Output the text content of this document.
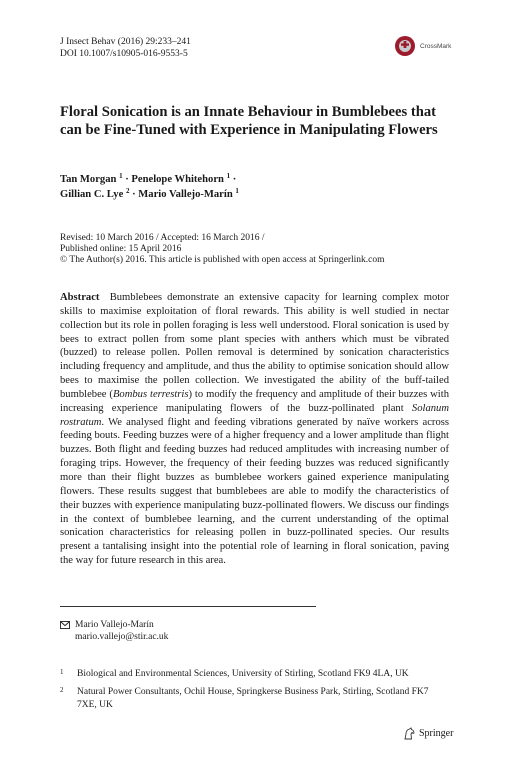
J Insect Behav (2016) 29:233–241
DOI 10.1007/s10905-016-9553-5
CrossMark
Floral Sonication is an Innate Behaviour in Bumblebees that can be Fine-Tuned with Experience in Manipulating Flowers
Tan Morgan $^1$ · Penelope Whitehorn $^1$ ·
Gillian C. Lye $^2$ · Mario Vallejo-Marín $^1$
Revised: 10 March 2016 / Accepted: 16 March 2016 /
Published online: 15 April 2016
© The Author(s) 2016. This article is published with open access at Springerlink.com
Abstract Bumblebees demonstrate an extensive capacity for learning complex motor skills to maximise exploitation of floral rewards. This ability is well studied in nectar collection but its role in pollen foraging is less well understood. Floral sonication is used by bees to extract pollen from some plant species with anthers which must be vibrated (buzzed) to release pollen. Pollen removal is determined by sonication characteristics including frequency and amplitude, and thus the ability to optimise sonication should allow bees to maximise the pollen collection. We investigated the ability of the buff-tailed bumblebee (Bombus terrestris) to modify the frequency and amplitude of their buzzes with increasing experience manipulating flowers of the buzz-pollinated plant Solanum rostratum. We analysed flight and feeding vibrations generated by naïve workers across feeding bouts. Feeding buzzes were of a higher frequency and a lower amplitude than flight buzzes. Both flight and feeding buzzes had reduced amplitudes with increasing number of foraging trips. However, the frequency of their feeding buzzes was reduced significantly more than their flight buzzes as bumblebee workers gained experience manipulating flowers. These results suggest that bumblebees are able to modify the characteristics of their buzzes with experience manipulating buzz-pollinated flowers. We discuss our findings in the context of bumblebee learning, and the current understanding of the optimal sonication characteristics for releasing pollen in buzz-pollinated species. Our results present a tantalising insight into the potential role of learning in floral sonication, paving the way for future research in this area.
Mario Vallejo-Marín
mario.vallejo@stir.ac.uk
1	Biological and Environmental Sciences, University of Stirling, Scotland FK9 4LA, UK
2	Natural Power Consultants, Ochil House, Springkerse Business Park, Stirling, Scotland FK7 7XE, UK
Springer
